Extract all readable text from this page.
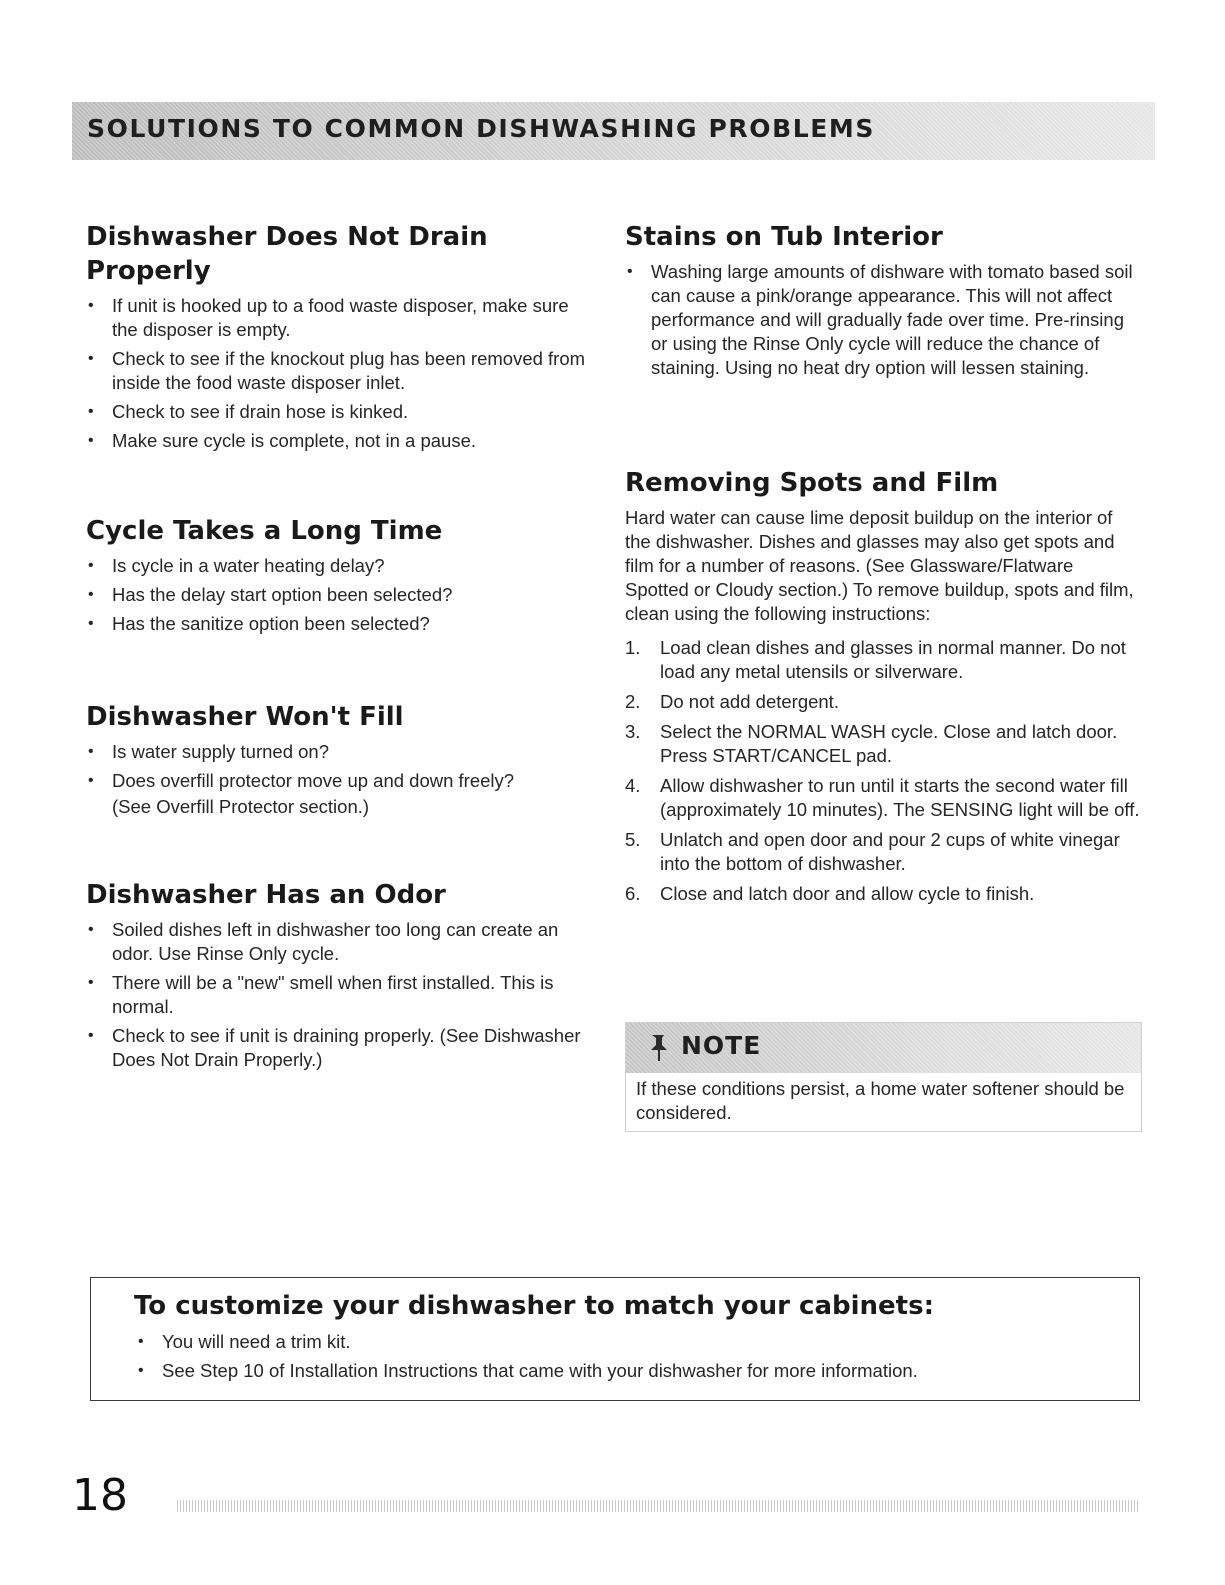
SOLUTIONS TO COMMON DISHWASHING PROBLEMS
Dishwasher Does Not Drain Properly
• If unit is hooked up to a food waste disposer, make sure the disposer is empty.
• Check to see if the knockout plug has been removed from inside the food waste disposer inlet.
• Check to see if drain hose is kinked.
• Make sure cycle is complete, not in a pause.
Cycle Takes a Long Time
• Is cycle in a water heating delay?
• Has the delay start option been selected?
• Has the sanitize option been selected?
Dishwasher Won't Fill
• Is water supply turned on?
• Does overfill protector move up and down freely?
(See Overfill Protector section.)
Dishwasher Has an Odor
• Soiled dishes left in dishwasher too long can create an odor. Use Rinse Only cycle.
• There will be a "new" smell when first installed. This is normal.
• Check to see if unit is draining properly. (See Dishwasher Does Not Drain Properly.)
Stains on Tub Interior
• Washing large amounts of dishware with tomato based soil can cause a pink/orange appearance. This will not affect performance and will gradually fade over time. Pre-rinsing or using the Rinse Only cycle will reduce the chance of staining. Using no heat dry option will lessen staining.
Removing Spots and Film

Hard water can cause lime deposit buildup on the interior of the dishwasher. Dishes and glasses may also get spots and film for a number of reasons. (See Glassware/Flatware Spotted or Cloudy section.) To remove buildup, spots and film, clean using the following instructions:

1. Load clean dishes and glasses in normal manner. Do not load any metal utensils or silverware.
2. Do not add detergent.
3. Select the NORMAL WASH cycle. Close and latch door. Press START/CANCEL pad.
4. Allow dishwasher to run until it starts the second water fill (approximately 10 minutes). The SENSING light will be off.
5. Unlatch and open door and pour 2 cups of white vinegar into the bottom of dishwasher.
6. Close and latch door and allow cycle to finish.
NOTE

If these conditions persist, a home water softener should be considered.

To customize your dishwasher to match your cabinets:
• You will need a trim kit.
• See Step 10 of Installation Instructions that came with your dishwasher for more information.
18
